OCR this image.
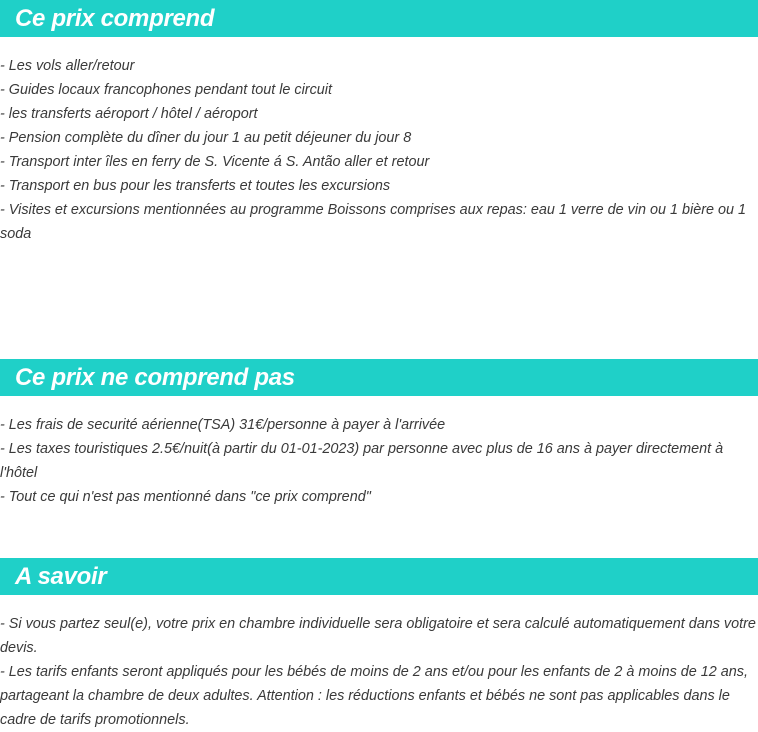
Ce prix comprend
- Les vols aller/retour
- Guides locaux francophones pendant tout le circuit
- les transferts aéroport / hôtel / aéroport
- Pension complète du dîner du jour 1 au petit déjeuner du jour 8
- Transport inter îles en ferry de S. Vicente á S. Antão aller et retour
- Transport en bus pour les transferts et toutes les excursions
- Visites et excursions mentionnées au programme Boissons comprises aux repas: eau 1 verre de vin ou 1 bière ou 1 soda
Ce prix ne comprend pas
- Les frais de securité aérienne(TSA) 31€/personne à payer à l'arrivée
- Les taxes touristiques 2.5€/nuit(à partir du 01-01-2023) par personne avec plus de 16 ans à payer directement à l'hôtel
- Tout ce qui n'est pas mentionné dans "ce prix comprend"
A savoir
- Si vous partez seul(e), votre prix en chambre individuelle sera obligatoire et sera calculé automatiquement dans votre devis.
- Les tarifs enfants seront appliqués pour les bébés de moins de 2 ans et/ou pour les enfants de 2 à moins de 12 ans, partageant la chambre de deux adultes. Attention : les réductions enfants et bébés ne sont pas applicables dans le cadre de tarifs promotionnels.
